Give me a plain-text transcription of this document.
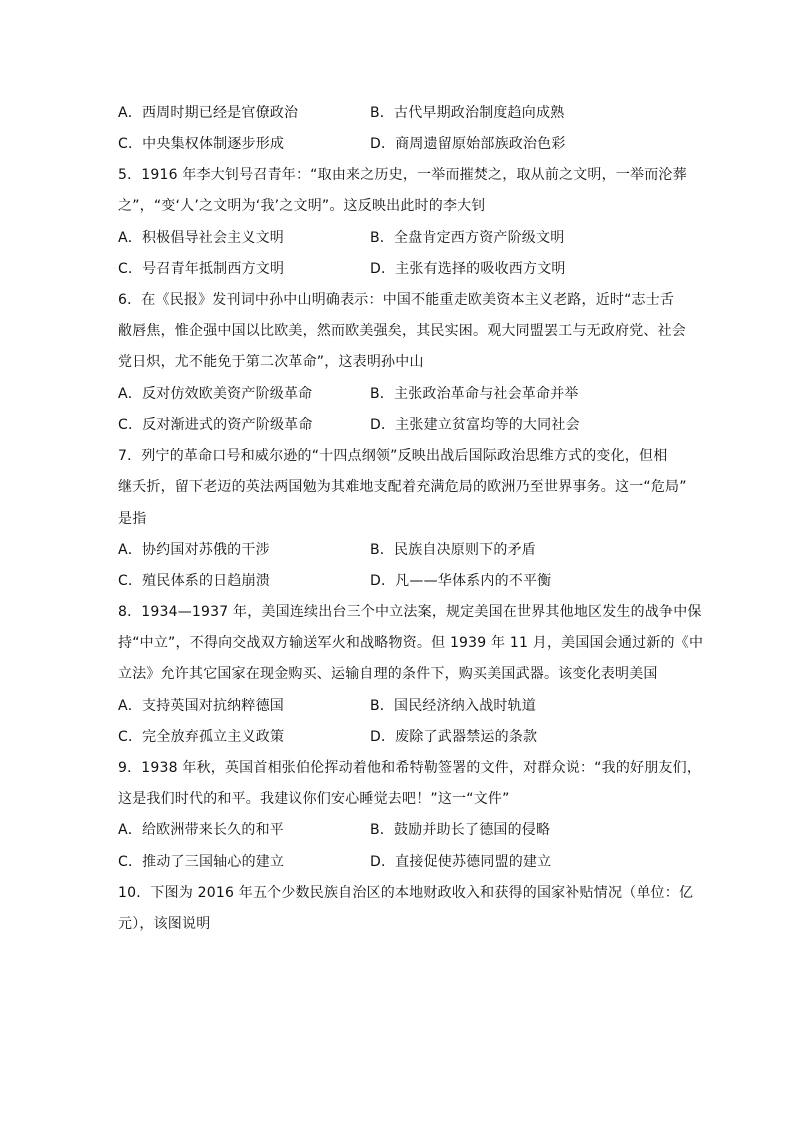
A．西周时期已经是官僚政治	B．古代早期政治制度趋向成熟
C．中央集权体制逐步形成	D．商周遗留原始部族政治色彩
5．1916 年李大钊号召青年：“取由来之历史，一举而摧焚之，取从前之文明，一举而沦葬
之”，“变‘人’之文明为‘我’之文明”。这反映出此时的李大钊
A．积极倡导社会主义文明	B．全盘肯定西方资产阶级文明
C．号召青年抵制西方文明	D．主张有选择的吸收西方文明
6．在《民报》发刊词中孙中山明确表示：中国不能重走欧美资本主义老路，近时“志士舌
敝唇焦，惟企强中国以比欧美，然而欧美强矣，其民实困。观大同盟罢工与无政府党、社会
党日炽，尤不能免于第二次革命”，这表明孙中山
A．反对仿效欧美资产阶级革命	B．主张政治革命与社会革命并举
C．反对渐进式的资产阶级革命	D．主张建立贫富均等的大同社会
7．列宁的革命口号和威尔逊的“十四点纲领”反映出战后国际政治思维方式的变化，但相
继夭折，留下老迈的英法两国勉为其难地支配着充满危局的欧洲乃至世界事务。这一“危局”
是指
A．协约国对苏俄的干涉	B．民族自决原则下的矛盾
C．殖民体系的日趋崩溃	D．凡——华体系内的不平衡
8．1934—1937 年，美国连续出台三个中立法案，规定美国在世界其他地区发生的战争中保
持“中立”，不得向交战双方输送军火和战略物资。但 1939 年 11 月，美国国会通过新的《中
立法》允许其它国家在现金购买、运输自理的条件下，购买美国武器。该变化表明美国
A．支持英国对抗纳粹德国	B．国民经济纳入战时轨道
C．完全放弃孤立主义政策	D．废除了武器禁运的条款
9．1938 年秋，英国首相张伯伦挥动着他和希特勒签署的文件，对群众说：“我的好朋友们，
这是我们时代的和平。我建议你们安心睡觉去吧！”这一“文件”
A．给欧洲带来长久的和平	B．鼓励并助长了德国的侵略
C．推动了三国轴心的建立	D．直接促使苏德同盟的建立
10．下图为 2016 年五个少数民族自治区的本地财政收入和获得的国家补贴情况（单位：亿
元），该图说明
